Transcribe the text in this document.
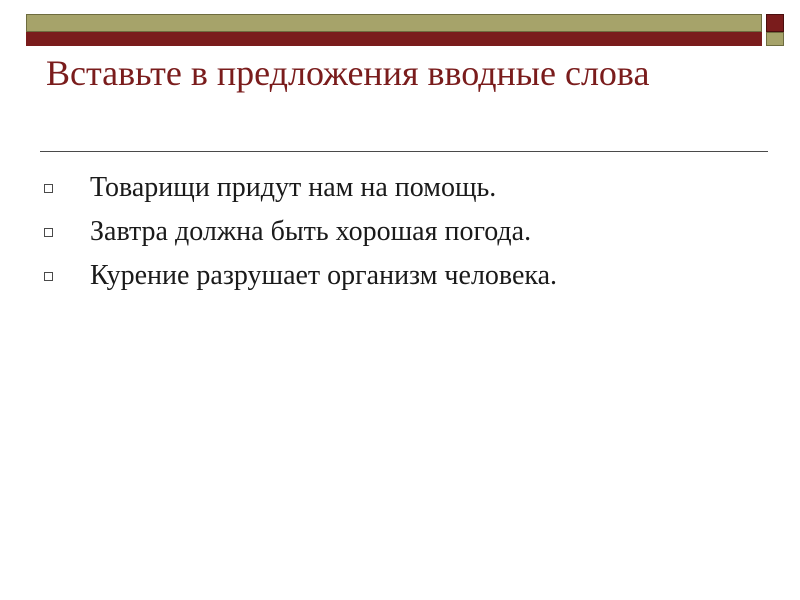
Вставьте в предложения вводные слова
Товарищи придут нам на помощь.
Завтра должна быть хорошая погода.
Курение разрушает организм человека.
